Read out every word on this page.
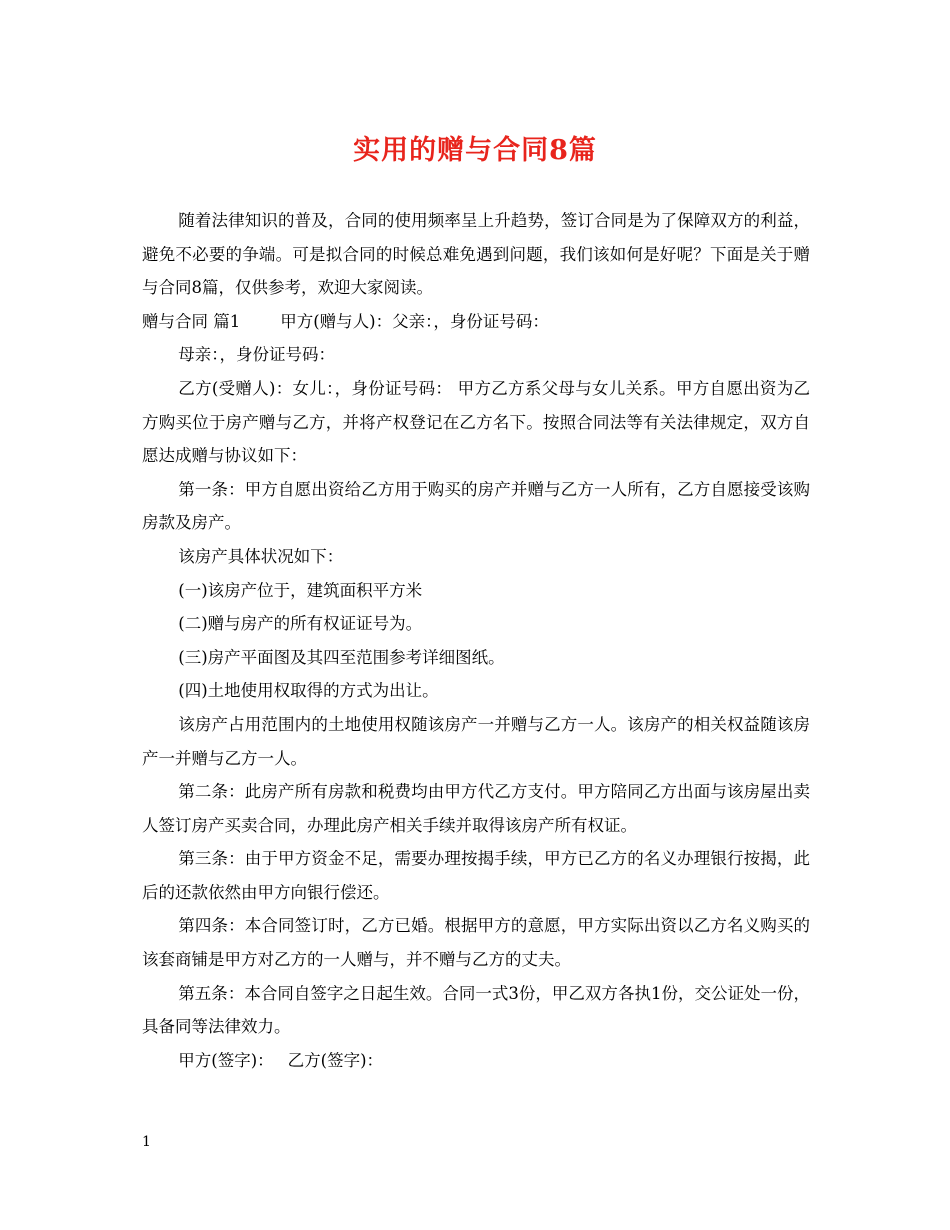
实用的赠与合同8篇

随着法律知识的普及，合同的使用频率呈上升趋势，签订合同是为了保障双方的利益，避免不必要的争端。可是拟合同的时候总难免遇到问题，我们该如何是好呢？下面是关于赠与合同8篇，仅供参考，欢迎大家阅读。

赠与合同 篇1 甲方(赠与人)：父亲：，身份证号码：

母亲：，身份证号码：

乙方(受赠人)：女儿：，身份证号码： 甲方乙方系父母与女儿关系。甲方自愿出资为乙方购买位于房产赠与乙方，并将产权登记在乙方名下。按照合同法等有关法律规定，双方自愿达成赠与协议如下：

第一条：甲方自愿出资给乙方用于购买的房产并赠与乙方一人所有，乙方自愿接受该购房款及房产。

该房产具体状况如下：

(一)该房产位于，建筑面积平方米

(二)赠与房产的所有权证证号为。

(三)房产平面图及其四至范围参考详细图纸。

(四)土地使用权取得的方式为出让。

该房产占用范围内的土地使用权随该房产一并赠与乙方一人。该房产的相关权益随该房产一并赠与乙方一人。

第二条：此房产所有房款和税费均由甲方代乙方支付。甲方陪同乙方出面与该房屋出卖人签订房产买卖合同，办理此房产相关手续并取得该房产所有权证。

第三条：由于甲方资金不足，需要办理按揭手续，甲方已乙方的名义办理银行按揭，此后的还款依然由甲方向银行偿还。

第四条：本合同签订时，乙方已婚。根据甲方的意愿，甲方实际出资以乙方名义购买的该套商铺是甲方对乙方的一人赠与，并不赠与乙方的丈夫。

第五条：本合同自签字之日起生效。合同一式3份，甲乙双方各执1份，交公证处一份，具备同等法律效力。

甲方(签字)： 乙方(签字)：

1
